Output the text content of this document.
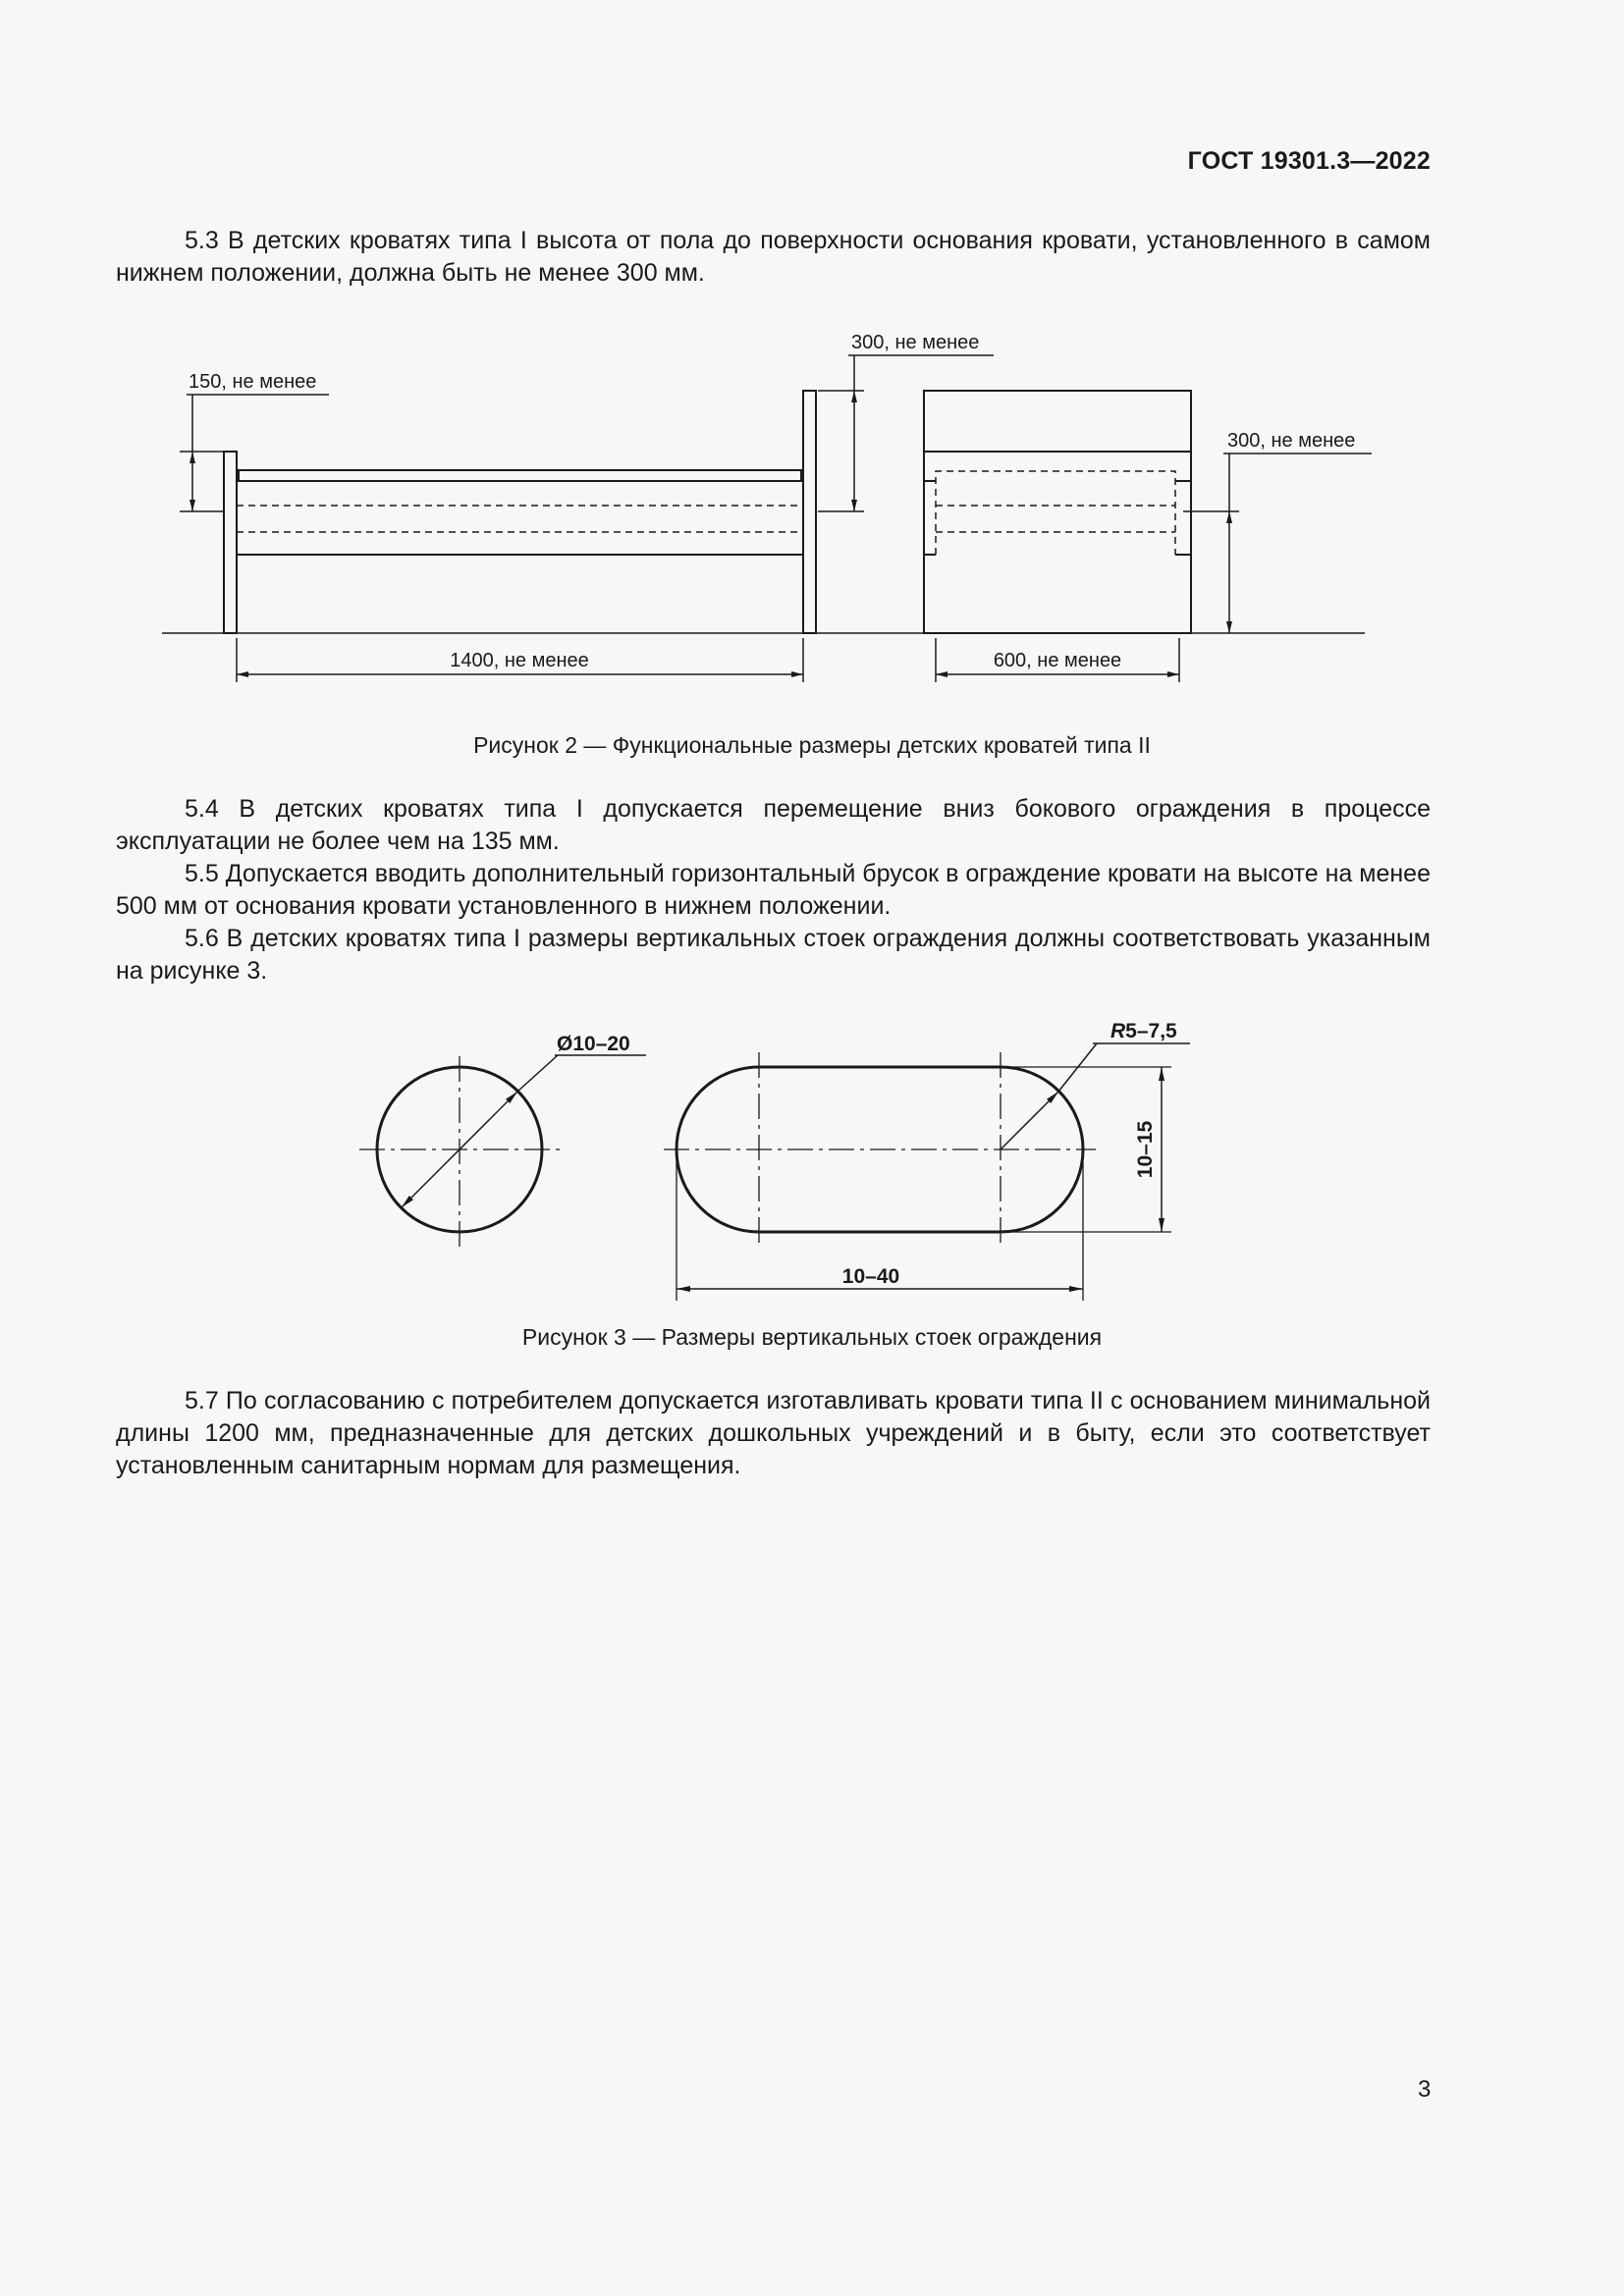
ГОСТ 19301.3—2022

5.3 В детских кроватях типа I высота от пола до поверхности основания кровати, установленного в самом нижнем положении, должна быть не менее 300 мм.

150, не менее
300, не менее
300, не менее
1400, не менее	600, не менее
Рисунок 2 — Функциональные размеры детских кроватей типа II

5.4 В детских кроватях типа I допускается перемещение вниз бокового ограждения в процессе эксплуатации не более чем на 135 мм.

5.5 Допускается вводить дополнительный горизонтальный брусок в ограждение кровати на высоте на менее 500 мм от основания кровати установленного в нижнем положении.

5.6 В детских кроватях типа I размеры вертикальных стоек ограждения должны соответствовать указанным на рисунке 3.

Ø10–20
R5–7,5
10–15
10–40
Рисунок 3 — Размеры вертикальных стоек ограждения

5.7 По согласованию с потребителем допускается изготавливать кровати типа II с основанием минимальной длины 1200 мм, предназначенные для детских дошкольных учреждений и в быту, если это соответствует установленным санитарным нормам для размещения.

3
